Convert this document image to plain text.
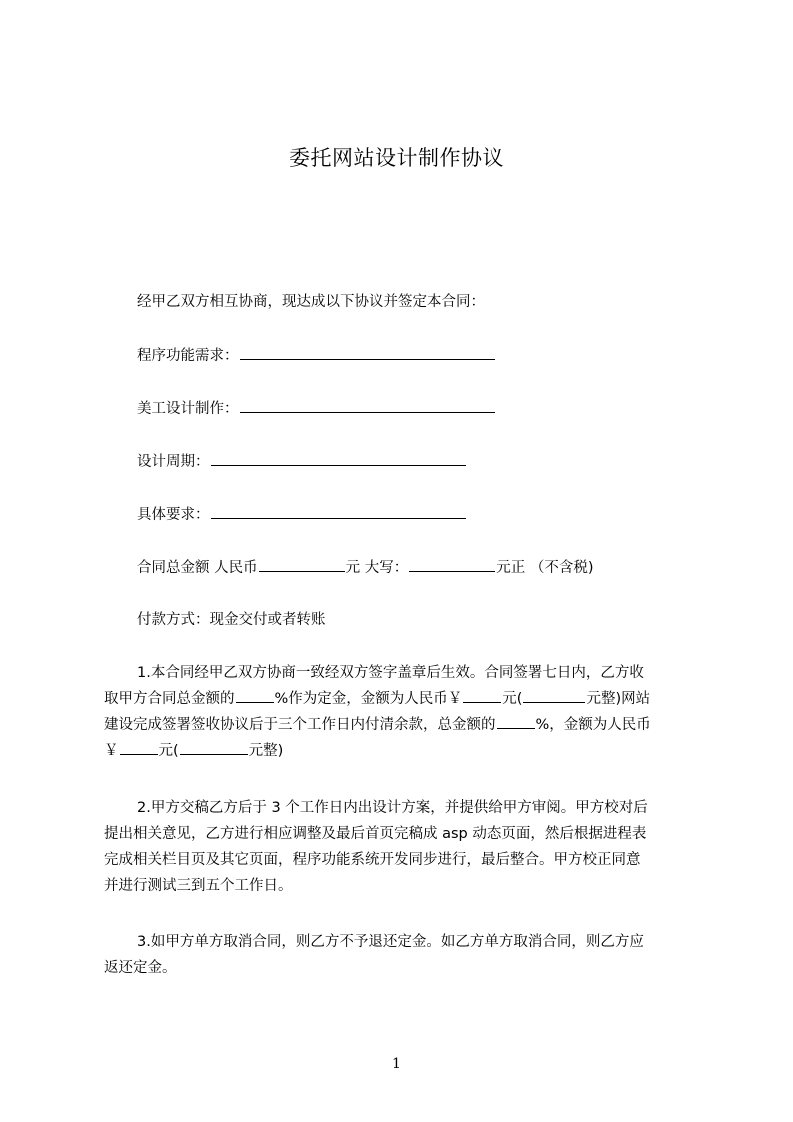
委托网站设计制作协议
经甲乙双方相互协商，现达成以下协议并签定本合同：
程序功能需求：
美工设计制作：
设计周期：
具体要求：
合同总金额 人民币	元 大写：	元正 （不含税)
付款方式：现金交付或者转账
1.本合同经甲乙双方协商一致经双方签字盖章后生效。合同签署七日内，乙方收
取甲方合同总金额的	%作为定金，金额为人民币￥	元(	元整)网站
建设完成签署签收协议后于三个工作日内付清余款，总金额的	%，金额为人民币
￥	元(	元整)
2.甲方交稿乙方后于 3 个工作日内出设计方案，并提供给甲方审阅。甲方校对后
提出相关意见，乙方进行相应调整及最后首页完稿成 asp 动态页面，然后根据进程表
完成相关栏目页及其它页面，程序功能系统开发同步进行，最后整合。甲方校正同意
并进行测试三到五个工作日。
3.如甲方单方取消合同，则乙方不予退还定金。如乙方单方取消合同，则乙方应
返还定金。
1
